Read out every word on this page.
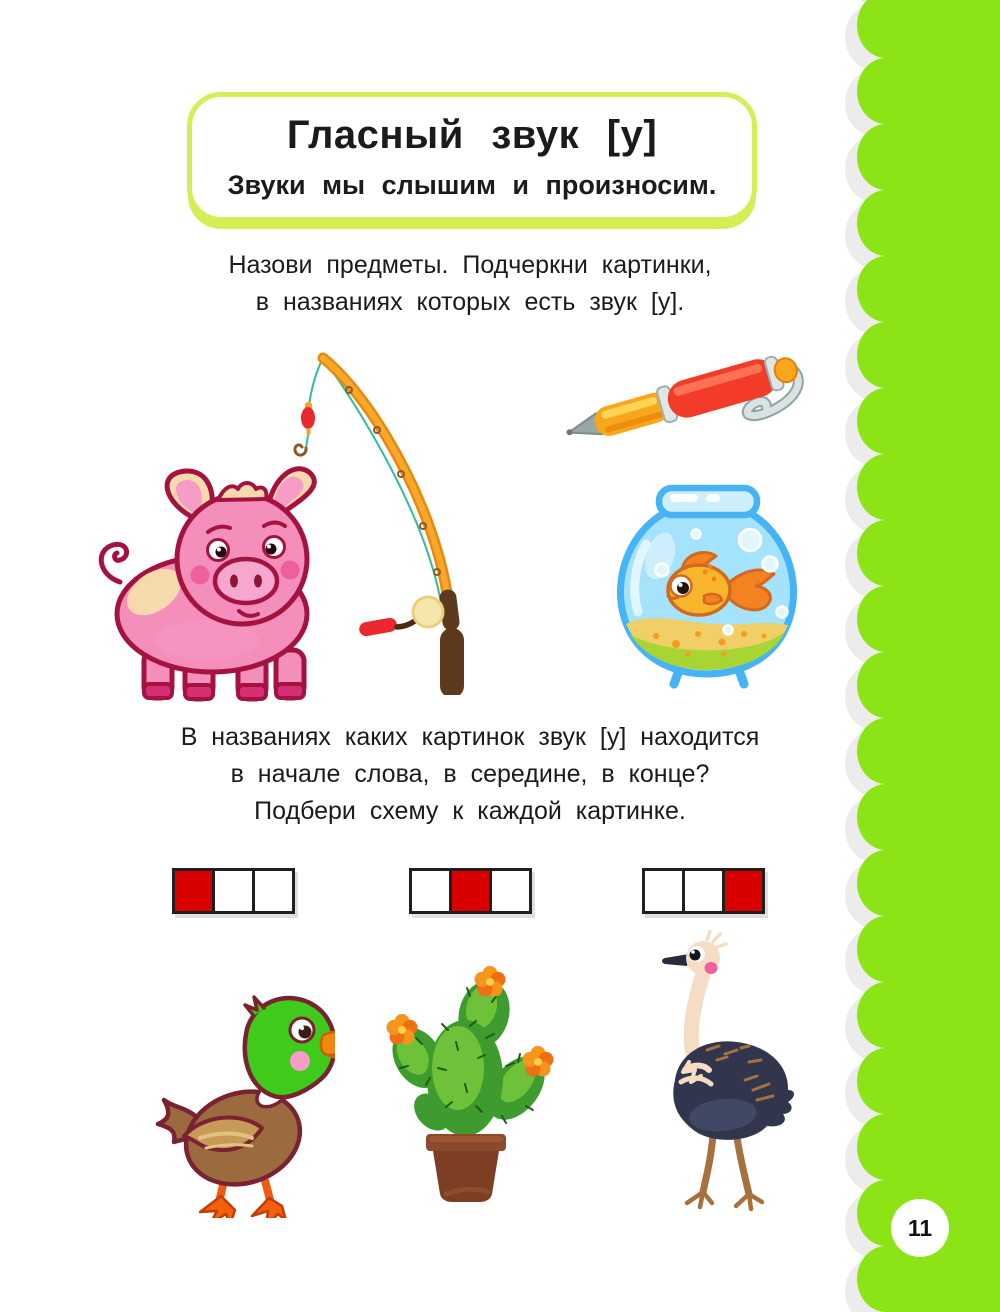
11
Гласный звук [у]
Звуки мы слышим и произносим.
Назови предметы. Подчеркни картинки,
в названиях которых есть звук [у].
В названиях каких картинок звук [у] находится
в начале слова, в середине, в конце?
Подбери схему к каждой картинке.
